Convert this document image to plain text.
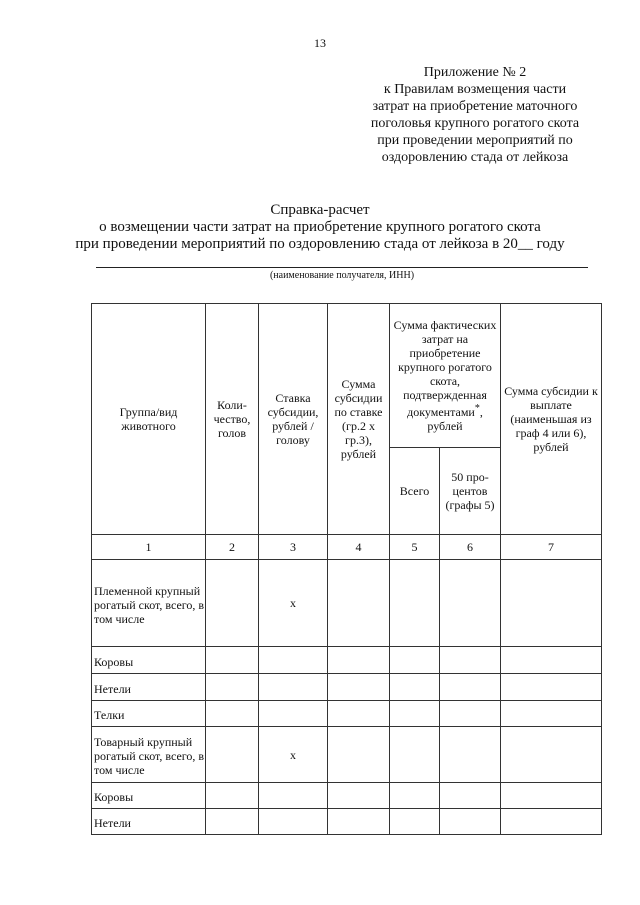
13
Приложение № 2
к Правилам возмещения части
затрат на приобретение маточного
поголовья крупного рогатого скота
при проведении мероприятий по
оздоровлению стада от лейкоза
Справка-расчет
о возмещении части затрат на приобретение крупного рогатого скота
при проведении мероприятий по оздоровлению стада от лейкоза в 20__ году
(наименование получателя, ИНН)
Группа/вид животного	Коли-чество, голов	Ставка субсидии, рублей / голову	Сумма субсидии по ставке (гр.2 х гр.3), рублей	Сумма фактических затрат на приобретение крупного рогатого скота, подтвержденная документами*, рублей		Сумма субсидии к выплате (наименьшая из граф 4 или 6), рублей
				Всего	50 про-центов (графы 5)	
1	2	3	4	5	6	7
Племенной крупный рогатый скот, всего, в том числе		х				
Коровы						
Нетели						
Телки						
Товарный крупный рогатый скот, всего, в том числе		х				
Коровы						
Нетели						
